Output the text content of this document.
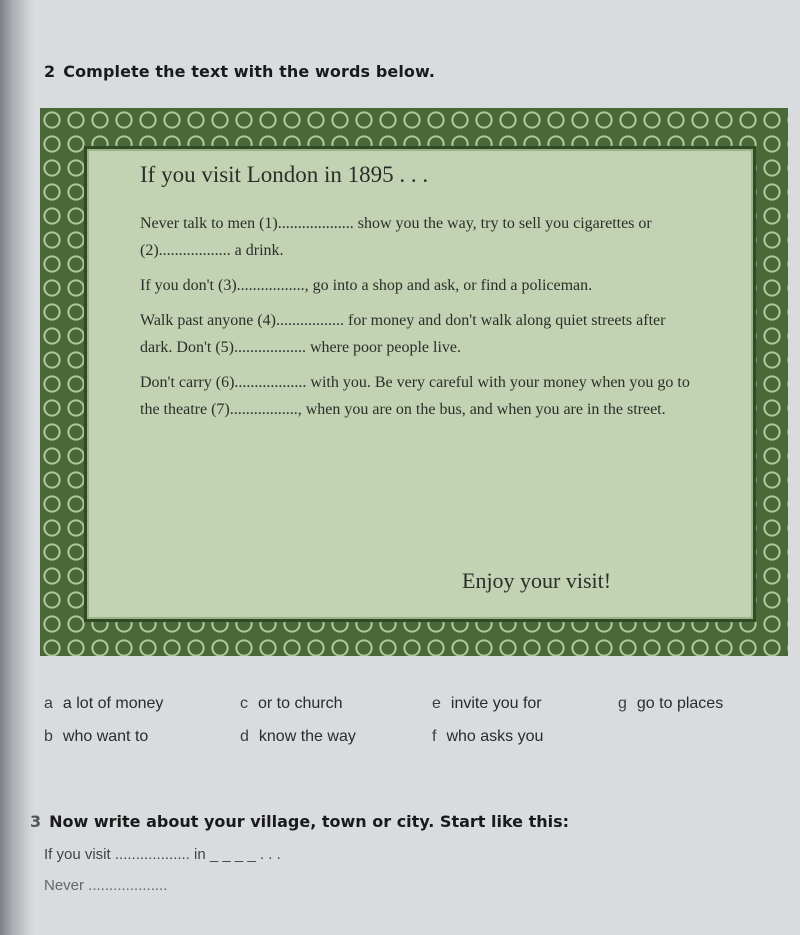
2 Complete the text with the words below.
If you visit London in 1895 . . .

Never talk to men (1)................... show you the way, try to sell you cigarettes or (2).................. a drink.

If you don't (3)................., go into a shop and ask, or find a policeman.

Walk past anyone (4)................. for money and don't walk along quiet streets after dark. Don't (5).................. where poor people live.

Don't carry (6).................. with you. Be very careful with your money when you go to the theatre (7)................., when you are on the bus, and when you are in the street.

Enjoy your visit!
a a lot of money
b who want to
c or to church
d know the way
e invite you for
f who asks you
g go to places
3 Now write about your village, town or city. Start like this:
If you visit .................. in _ _ _ _ . . .
Never ...................
